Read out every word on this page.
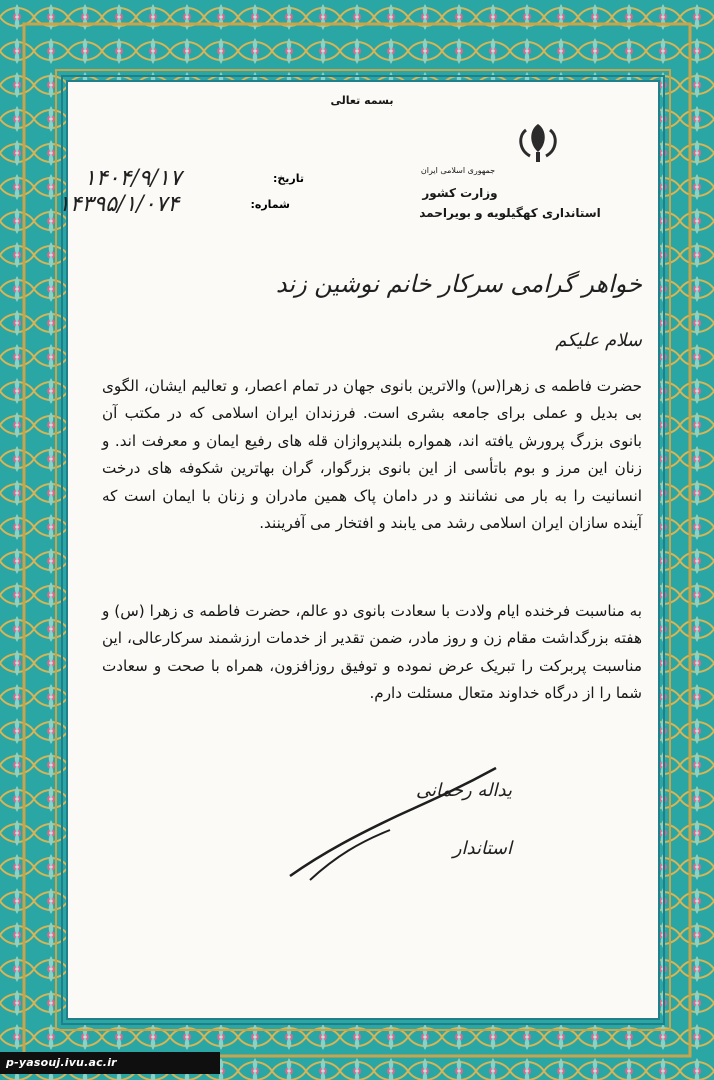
بسمه تعالی
جمهوری اسلامی ایران
وزارت کشور
استانداری کهگیلویه و بویراحمد
تاریخ:
۱۴۰۴/۹/۱۷
شماره:
۱۴۳۹۵/۱/۰۷۴
خواهر گرامی سرکار خانم نوشین زند
سلام علیکم
حضرت فاطمه ی زهرا(س) والاترین بانوی جهان در تمام اعصار، و تعالیم ایشان، الگوی بی بدیل و عملی برای جامعه بشری است. فرزندان ایران اسلامی که در مکتب آن بانوی بزرگ پرورش یافته اند، همواره بلندپروازان قله های رفیع ایمان و معرفت اند. و زنان این مرز و بوم باتأسی از این بانوی بزرگوار، گران بهاترین شکوفه های درخت انسانیت را به بار می نشانند و در دامان پاک همین مادران و زنان با ایمان است که آینده سازان ایران اسلامی رشد می یابند و افتخار می آفرینند.
به مناسبت فرخنده ایام ولادت با سعادت بانوی دو عالم، حضرت فاطمه ی زهرا (س) و هفته بزرگداشت مقام زن و روز مادر، ضمن تقدیر از خدمات ارزشمند سرکارعالی، این مناسبت پربرکت را تبریک عرض نموده و توفیق روزافزون، همراه با صحت و سعادت شما را از درگاه خداوند متعال مسئلت دارم.
یداله رحمانی
استاندار
p-yasouj.ivu.ac.ir
